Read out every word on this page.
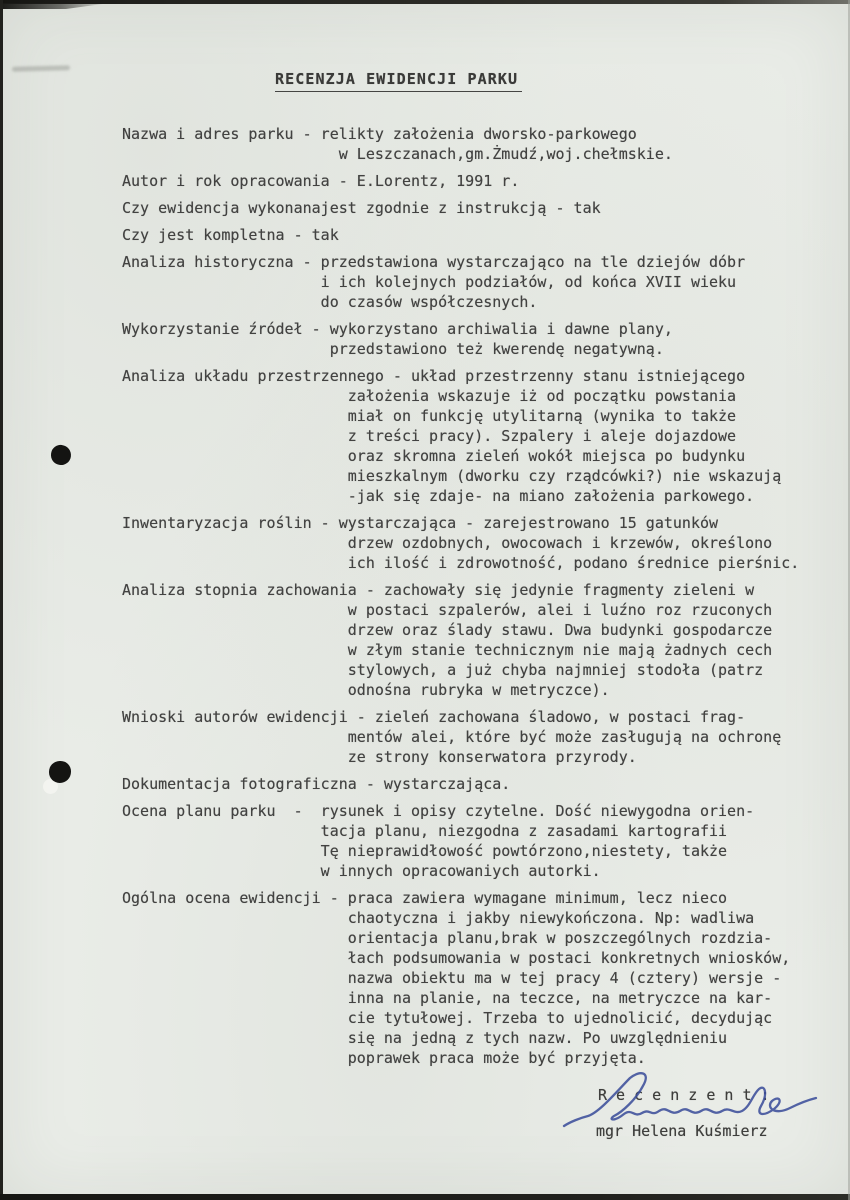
RECENZJA EWIDENCJI PARKU
Nazwa i adres parku - relikty założenia dworsko-parkowego
w Leszczanach,gm.Żmudź,woj.chełmskie.
Autor i rok opracowania - E.Lorentz, 1991 r.
Czy ewidencja wykonanajest zgodnie z instrukcją - tak
Czy jest kompletna - tak
Analiza historyczna - przedstawiona wystarczająco na tle dziejów dóbr
i ich kolejnych podziałów, od końca XVII wieku
do czasów współczesnych.
Wykorzystanie źródeł - wykorzystano archiwalia i dawne plany,
przedstawiono też kwerendę negatywną.
Analiza układu przestrzennego - układ przestrzenny stanu istniejącego
założenia wskazuje iż od początku powstania
miał on funkcję utylitarną (wynika to także
z treści pracy). Szpalery i aleje dojazdowe
oraz skromna zieleń wokół miejsca po budynku
mieszkalnym (dworku czy rządcówki?) nie wskazują
-jak się zdaje- na miano założenia parkowego.
Inwentaryzacja roślin - wystarczająca - zarejestrowano 15 gatunków
drzew ozdobnych, owocowach i krzewów, określono
ich ilość i zdrowotność, podano średnice pierśnic.
Analiza stopnia zachowania - zachowały się jedynie fragmenty zieleni w
w postaci szpalerów, alei i luźno roz rzuconych
drzew oraz ślady stawu. Dwa budynki gospodarcze
w złym stanie technicznym nie mają żadnych cech
stylowych, a już chyba najmniej stodoła (patrz
odnośna rubryka w metryczce).
Wnioski autorów ewidencji - zieleń zachowana śladowo, w postaci frag-
mentów alei, które być może zasługują na ochronę
ze strony konserwatora przyrody.
Dokumentacja fotograficzna - wystarczająca.
Ocena planu parku  -  rysunek i opisy czytelne. Dość niewygodna orien-
tacja planu, niezgodna z zasadami kartografii
Tę nieprawidłowość powtórzono,niestety, także
w innych opracowaniych autorki.
Ogólna ocena ewidencji - praca zawiera wymagane minimum, lecz nieco
chaotyczna i jakby niewykończona. Np: wadliwa
orientacja planu,brak w poszczególnych rozdzia-
łach podsumowania w postaci konkretnych wniosków,
nazwa obiektu ma w tej pracy 4 (cztery) wersje -
inna na planie, na teczce, na metryczce na kar-
cie tytułowej. Trzeba to ujednolicić, decydując
się na jedną z tych nazw. Po uwzględnieniu
poprawek praca może być przyjęta.
R e c e n z e n t :
mgr Helena Kuśmierz
